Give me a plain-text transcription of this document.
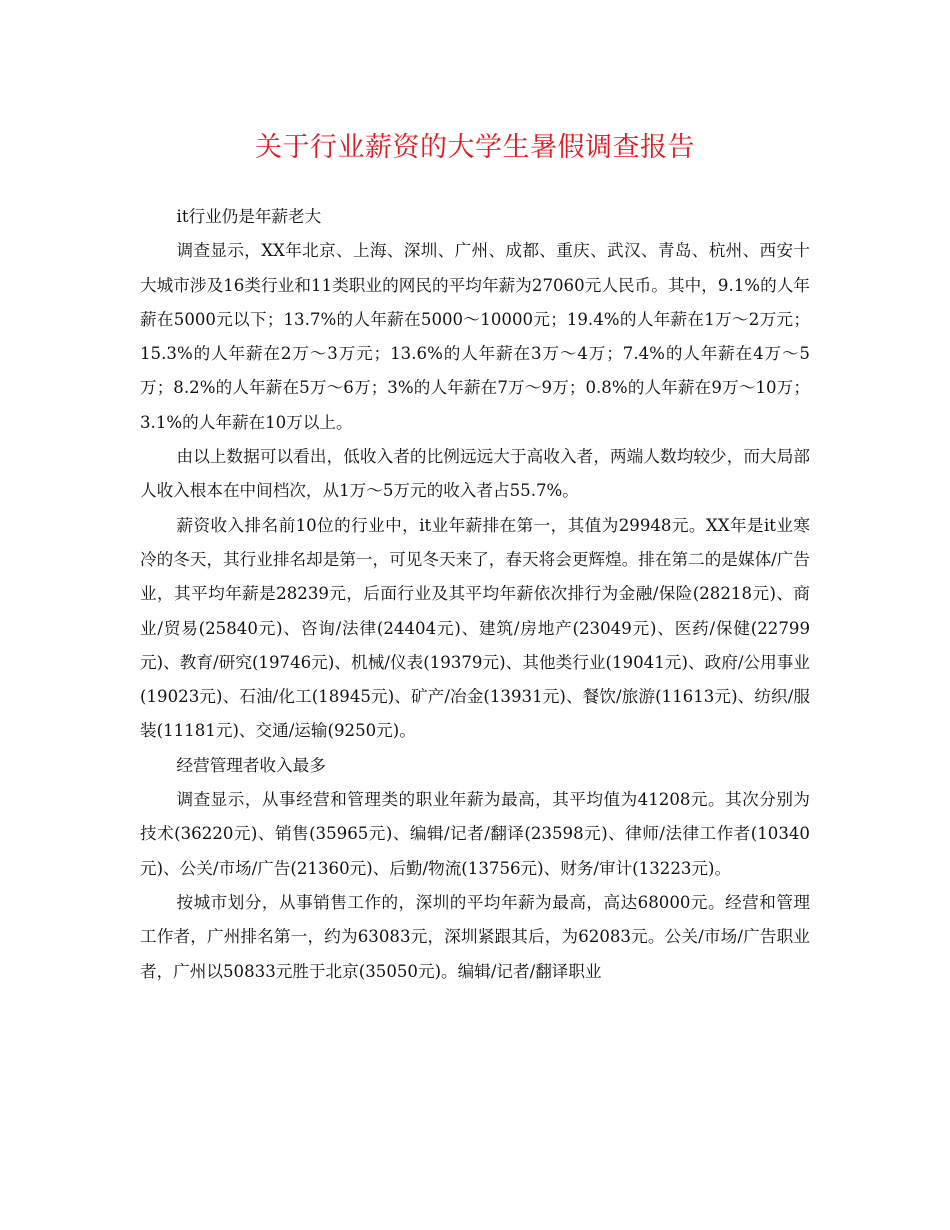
关于行业薪资的大学生暑假调查报告

it行业仍是年薪老大

调查显示，XX年北京、上海、深圳、广州、成都、重庆、武汉、青岛、杭州、西安十大城市涉及16类行业和11类职业的网民的平均年薪为27060元人民币。其中，9.1%的人年薪在5000元以下；13.7%的人年薪在5000～10000元；19.4%的人年薪在1万～2万元；15.3%的人年薪在2万～3万元；13.6%的人年薪在3万～4万；7.4%的人年薪在4万～5万；8.2%的人年薪在5万～6万；3%的人年薪在7万～9万；0.8%的人年薪在9万～10万；3.1%的人年薪在10万以上。

由以上数据可以看出，低收入者的比例远远大于高收入者，两端人数均较少，而大局部人收入根本在中间档次，从1万～5万元的收入者占55.7%。

薪资收入排名前10位的行业中，it业年薪排在第一，其值为29948元。XX年是it业寒冷的冬天，其行业排名却是第一，可见冬天来了，春天将会更辉煌。排在第二的是媒体/广告业，其平均年薪是28239元，后面行业及其平均年薪依次排行为金融/保险(28218元)、商业/贸易(25840元)、咨询/法律(24404元)、建筑/房地产(23049元)、医药/保健(22799元)、教育/研究(19746元)、机械/仪表(19379元)、其他类行业(19041元)、政府/公用事业(19023元)、石油/化工(18945元)、矿产/冶金(13931元)、餐饮/旅游(11613元)、纺织/服装(11181元)、交通/运输(9250元)。

经营管理者收入最多

调查显示，从事经营和管理类的职业年薪为最高，其平均值为41208元。其次分别为技术(36220元)、销售(35965元)、编辑/记者/翻译(23598元)、律师/法律工作者(10340元)、公关/市场/广告(21360元)、后勤/物流(13756元)、财务/审计(13223元)。

按城市划分，从事销售工作的，深圳的平均年薪为最高，高达68000元。经营和管理工作者，广州排名第一，约为63083元，深圳紧跟其后，为62083元。公关/市场/广告职业者，广州以50833元胜于北京(35050元)。编辑/记者/翻译职业
